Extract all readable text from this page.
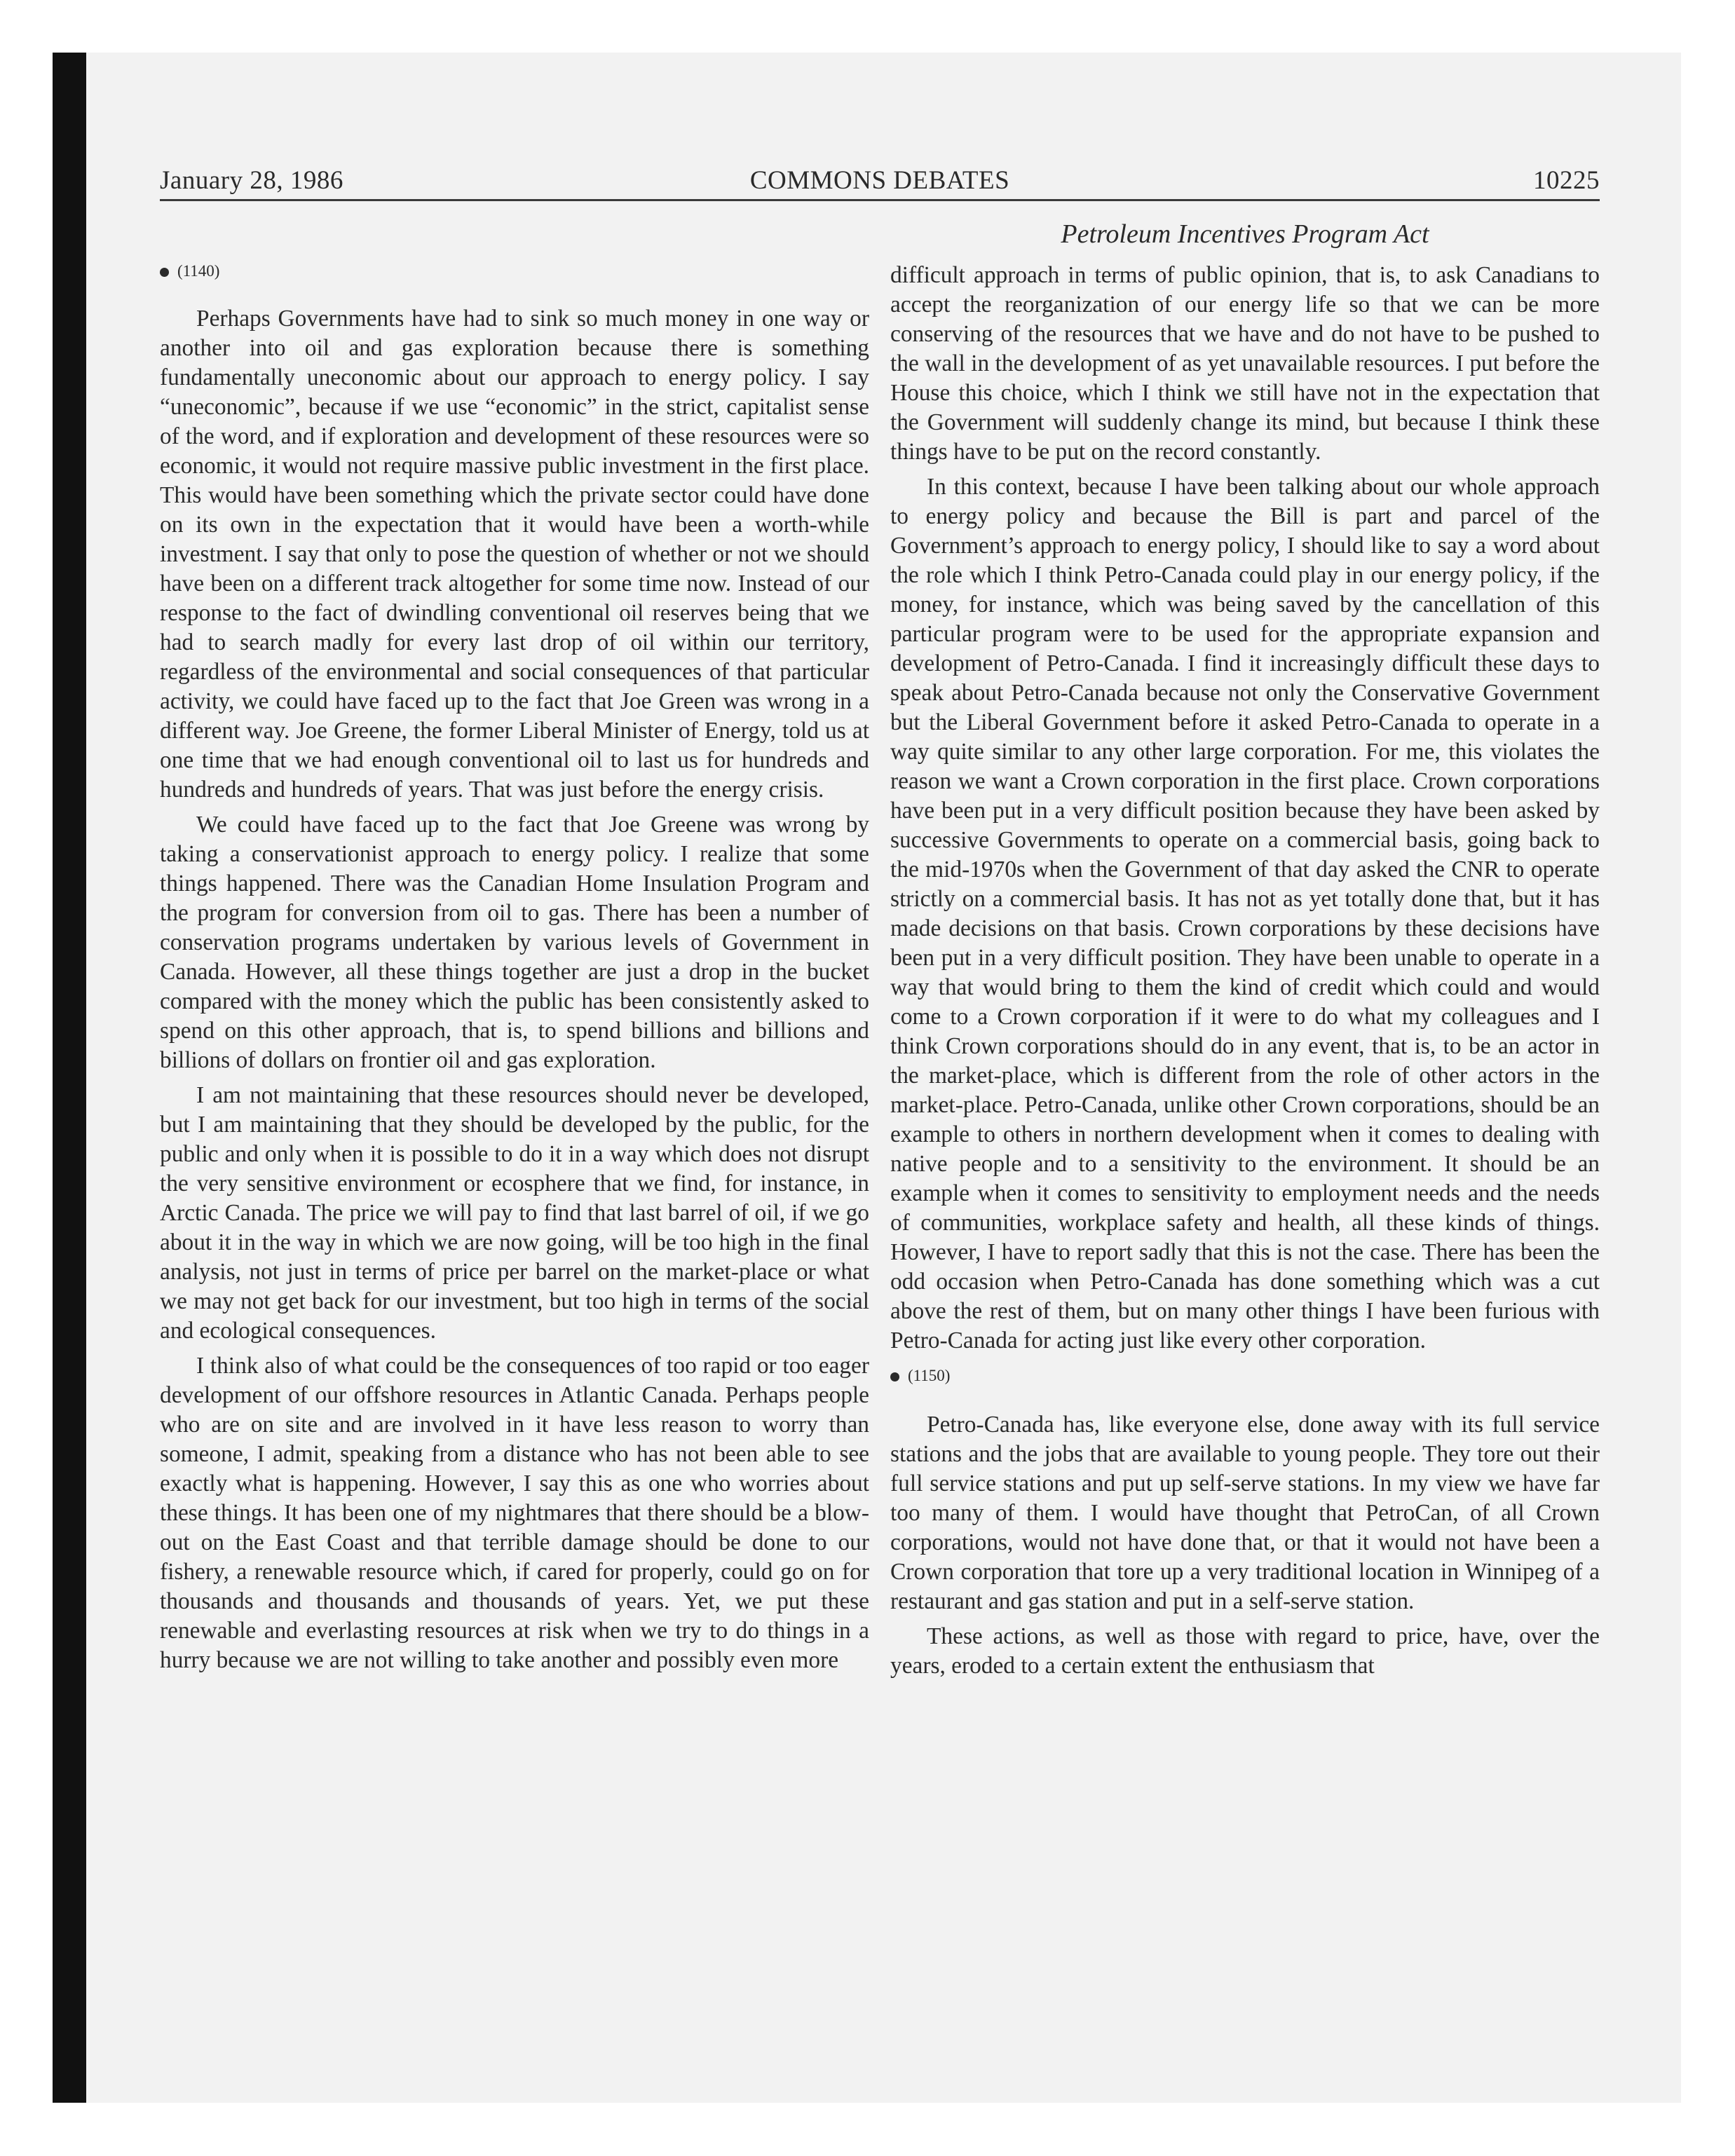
January 28, 1986	COMMONS DEBATES	10225
Petroleum Incentives Program Act
(1140)

Perhaps Governments have had to sink so much money in one way or another into oil and gas exploration because there is something fundamentally uneconomic about our approach to energy policy. I say “uneconomic”, because if we use “economic” in the strict, capitalist sense of the word, and if exploration and development of these resources were so economic, it would not require massive public investment in the first place. This would have been something which the private sector could have done on its own in the expectation that it would have been a worth-while investment. I say that only to pose the question of whether or not we should have been on a different track altogether for some time now. Instead of our response to the fact of dwindling conventional oil reserves being that we had to search madly for every last drop of oil within our territory, regardless of the environmental and social consequences of that particular activity, we could have faced up to the fact that Joe Green was wrong in a different way. Joe Greene, the former Liberal Minister of Energy, told us at one time that we had enough conventional oil to last us for hundreds and hundreds and hundreds of years. That was just before the energy crisis.

We could have faced up to the fact that Joe Greene was wrong by taking a conservationist approach to energy policy. I realize that some things happened. There was the Canadian Home Insulation Program and the program for conversion from oil to gas. There has been a number of conservation programs undertaken by various levels of Government in Canada. However, all these things together are just a drop in the bucket compared with the money which the public has been consistently asked to spend on this other approach, that is, to spend billions and billions and billions of dollars on frontier oil and gas exploration.

I am not maintaining that these resources should never be developed, but I am maintaining that they should be developed by the public, for the public and only when it is possible to do it in a way which does not disrupt the very sensitive environment or ecosphere that we find, for instance, in Arctic Canada. The price we will pay to find that last barrel of oil, if we go about it in the way in which we are now going, will be too high in the final analysis, not just in terms of price per barrel on the market-place or what we may not get back for our investment, but too high in terms of the social and ecological consequences.

I think also of what could be the consequences of too rapid or too eager development of our offshore resources in Atlantic Canada. Perhaps people who are on site and are involved in it have less reason to worry than someone, I admit, speaking from a distance who has not been able to see exactly what is happening. However, I say this as one who worries about these things. It has been one of my nightmares that there should be a blow-out on the East Coast and that terrible damage should be done to our fishery, a renewable resource which, if cared for properly, could go on for thousands and thousands and thousands of years. Yet, we put these renewable and everlasting resources at risk when we try to do things in a hurry because we are not willing to take another and possibly even more

difficult approach in terms of public opinion, that is, to ask Canadians to accept the reorganization of our energy life so that we can be more conserving of the resources that we have and do not have to be pushed to the wall in the development of as yet unavailable resources. I put before the House this choice, which I think we still have not in the expectation that the Government will suddenly change its mind, but because I think these things have to be put on the record constantly.

In this context, because I have been talking about our whole approach to energy policy and because the Bill is part and parcel of the Government’s approach to energy policy, I should like to say a word about the role which I think Petro-Canada could play in our energy policy, if the money, for instance, which was being saved by the cancellation of this particular program were to be used for the appropriate expansion and development of Petro-Canada. I find it increasingly difficult these days to speak about Petro-Canada because not only the Conservative Government but the Liberal Government before it asked Petro-Canada to operate in a way quite similar to any other large corporation. For me, this violates the reason we want a Crown corporation in the first place. Crown corporations have been put in a very difficult position because they have been asked by successive Governments to operate on a commercial basis, going back to the mid-1970s when the Government of that day asked the CNR to operate strictly on a commercial basis. It has not as yet totally done that, but it has made decisions on that basis. Crown corporations by these decisions have been put in a very difficult position. They have been unable to operate in a way that would bring to them the kind of credit which could and would come to a Crown corporation if it were to do what my colleagues and I think Crown corporations should do in any event, that is, to be an actor in the market-place, which is different from the role of other actors in the market-place. Petro-Canada, unlike other Crown corporations, should be an example to others in northern development when it comes to dealing with native people and to a sensitivity to the environment. It should be an example when it comes to sensitivity to employment needs and the needs of communities, workplace safety and health, all these kinds of things. However, I have to report sadly that this is not the case. There has been the odd occasion when Petro-Canada has done something which was a cut above the rest of them, but on many other things I have been furious with Petro-Canada for acting just like every other corporation.

(1150)

Petro-Canada has, like everyone else, done away with its full service stations and the jobs that are available to young people. They tore out their full service stations and put up self-serve stations. In my view we have far too many of them. I would have thought that PetroCan, of all Crown corporations, would not have done that, or that it would not have been a Crown corporation that tore up a very traditional location in Winnipeg of a restaurant and gas station and put in a self-serve station.

These actions, as well as those with regard to price, have, over the years, eroded to a certain extent the enthusiasm that
